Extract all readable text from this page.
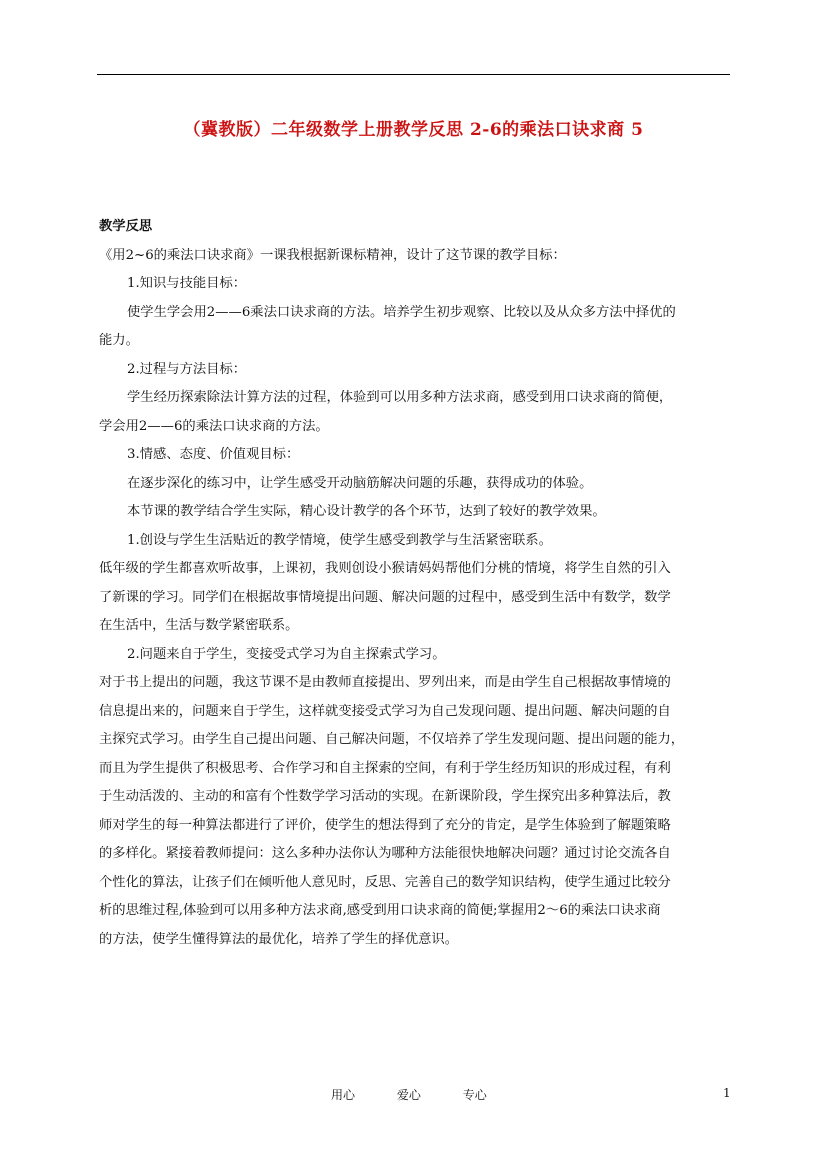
（冀教版）二年级数学上册教学反思 2-6的乘法口诀求商 5
教学反思
《用2~6的乘法口诀求商》一课我根据新课标精神，设计了这节课的教学目标：
1.知识与技能目标：
使学生学会用2——6乘法口诀求商的方法。培养学生初步观察、比较以及从众多方法中择优的
能力。
2.过程与方法目标：
学生经历探索除法计算方法的过程，体验到可以用多种方法求商，感受到用口诀求商的简便，
学会用2——6的乘法口诀求商的方法。
3.情感、态度、价值观目标：
在逐步深化的练习中，让学生感受开动脑筋解决问题的乐趣，获得成功的体验。
本节课的教学结合学生实际，精心设计教学的各个环节，达到了较好的教学效果。
1.创设与学生生活贴近的教学情境，使学生感受到教学与生活紧密联系。
低年级的学生都喜欢听故事，上课初，我则创设小猴请妈妈帮他们分桃的情境，将学生自然的引入
了新课的学习。同学们在根据故事情境提出问题、解决问题的过程中，感受到生活中有数学，数学
在生活中，生活与数学紧密联系。
2.问题来自于学生，变接受式学习为自主探索式学习。
对于书上提出的问题，我这节课不是由教师直接提出、罗列出来，而是由学生自己根据故事情境的
信息提出来的，问题来自于学生，这样就变接受式学习为自己发现问题、提出问题、解决问题的自
主探究式学习。由学生自己提出问题、自己解决问题，不仅培养了学生发现问题、提出问题的能力，
而且为学生提供了积极思考、合作学习和自主探索的空间，有利于学生经历知识的形成过程，有利
于生动活泼的、主动的和富有个性数学学习活动的实现。在新课阶段，学生探究出多种算法后，教
师对学生的每一种算法都进行了评价，使学生的想法得到了充分的肯定，是学生体验到了解题策略
的多样化。紧接着教师提问：这么多种办法你认为哪种方法能很快地解决问题？通过讨论交流各自
个性化的算法，让孩子们在倾听他人意见时，反思、完善自己的数学知识结构，使学生通过比较分
析的思维过程,体验到可以用多种方法求商,感受到用口诀求商的简便;掌握用2～6的乘法口诀求商
的方法，使学生懂得算法的最优化，培养了学生的择优意识。
用心	爱心	专心	1
